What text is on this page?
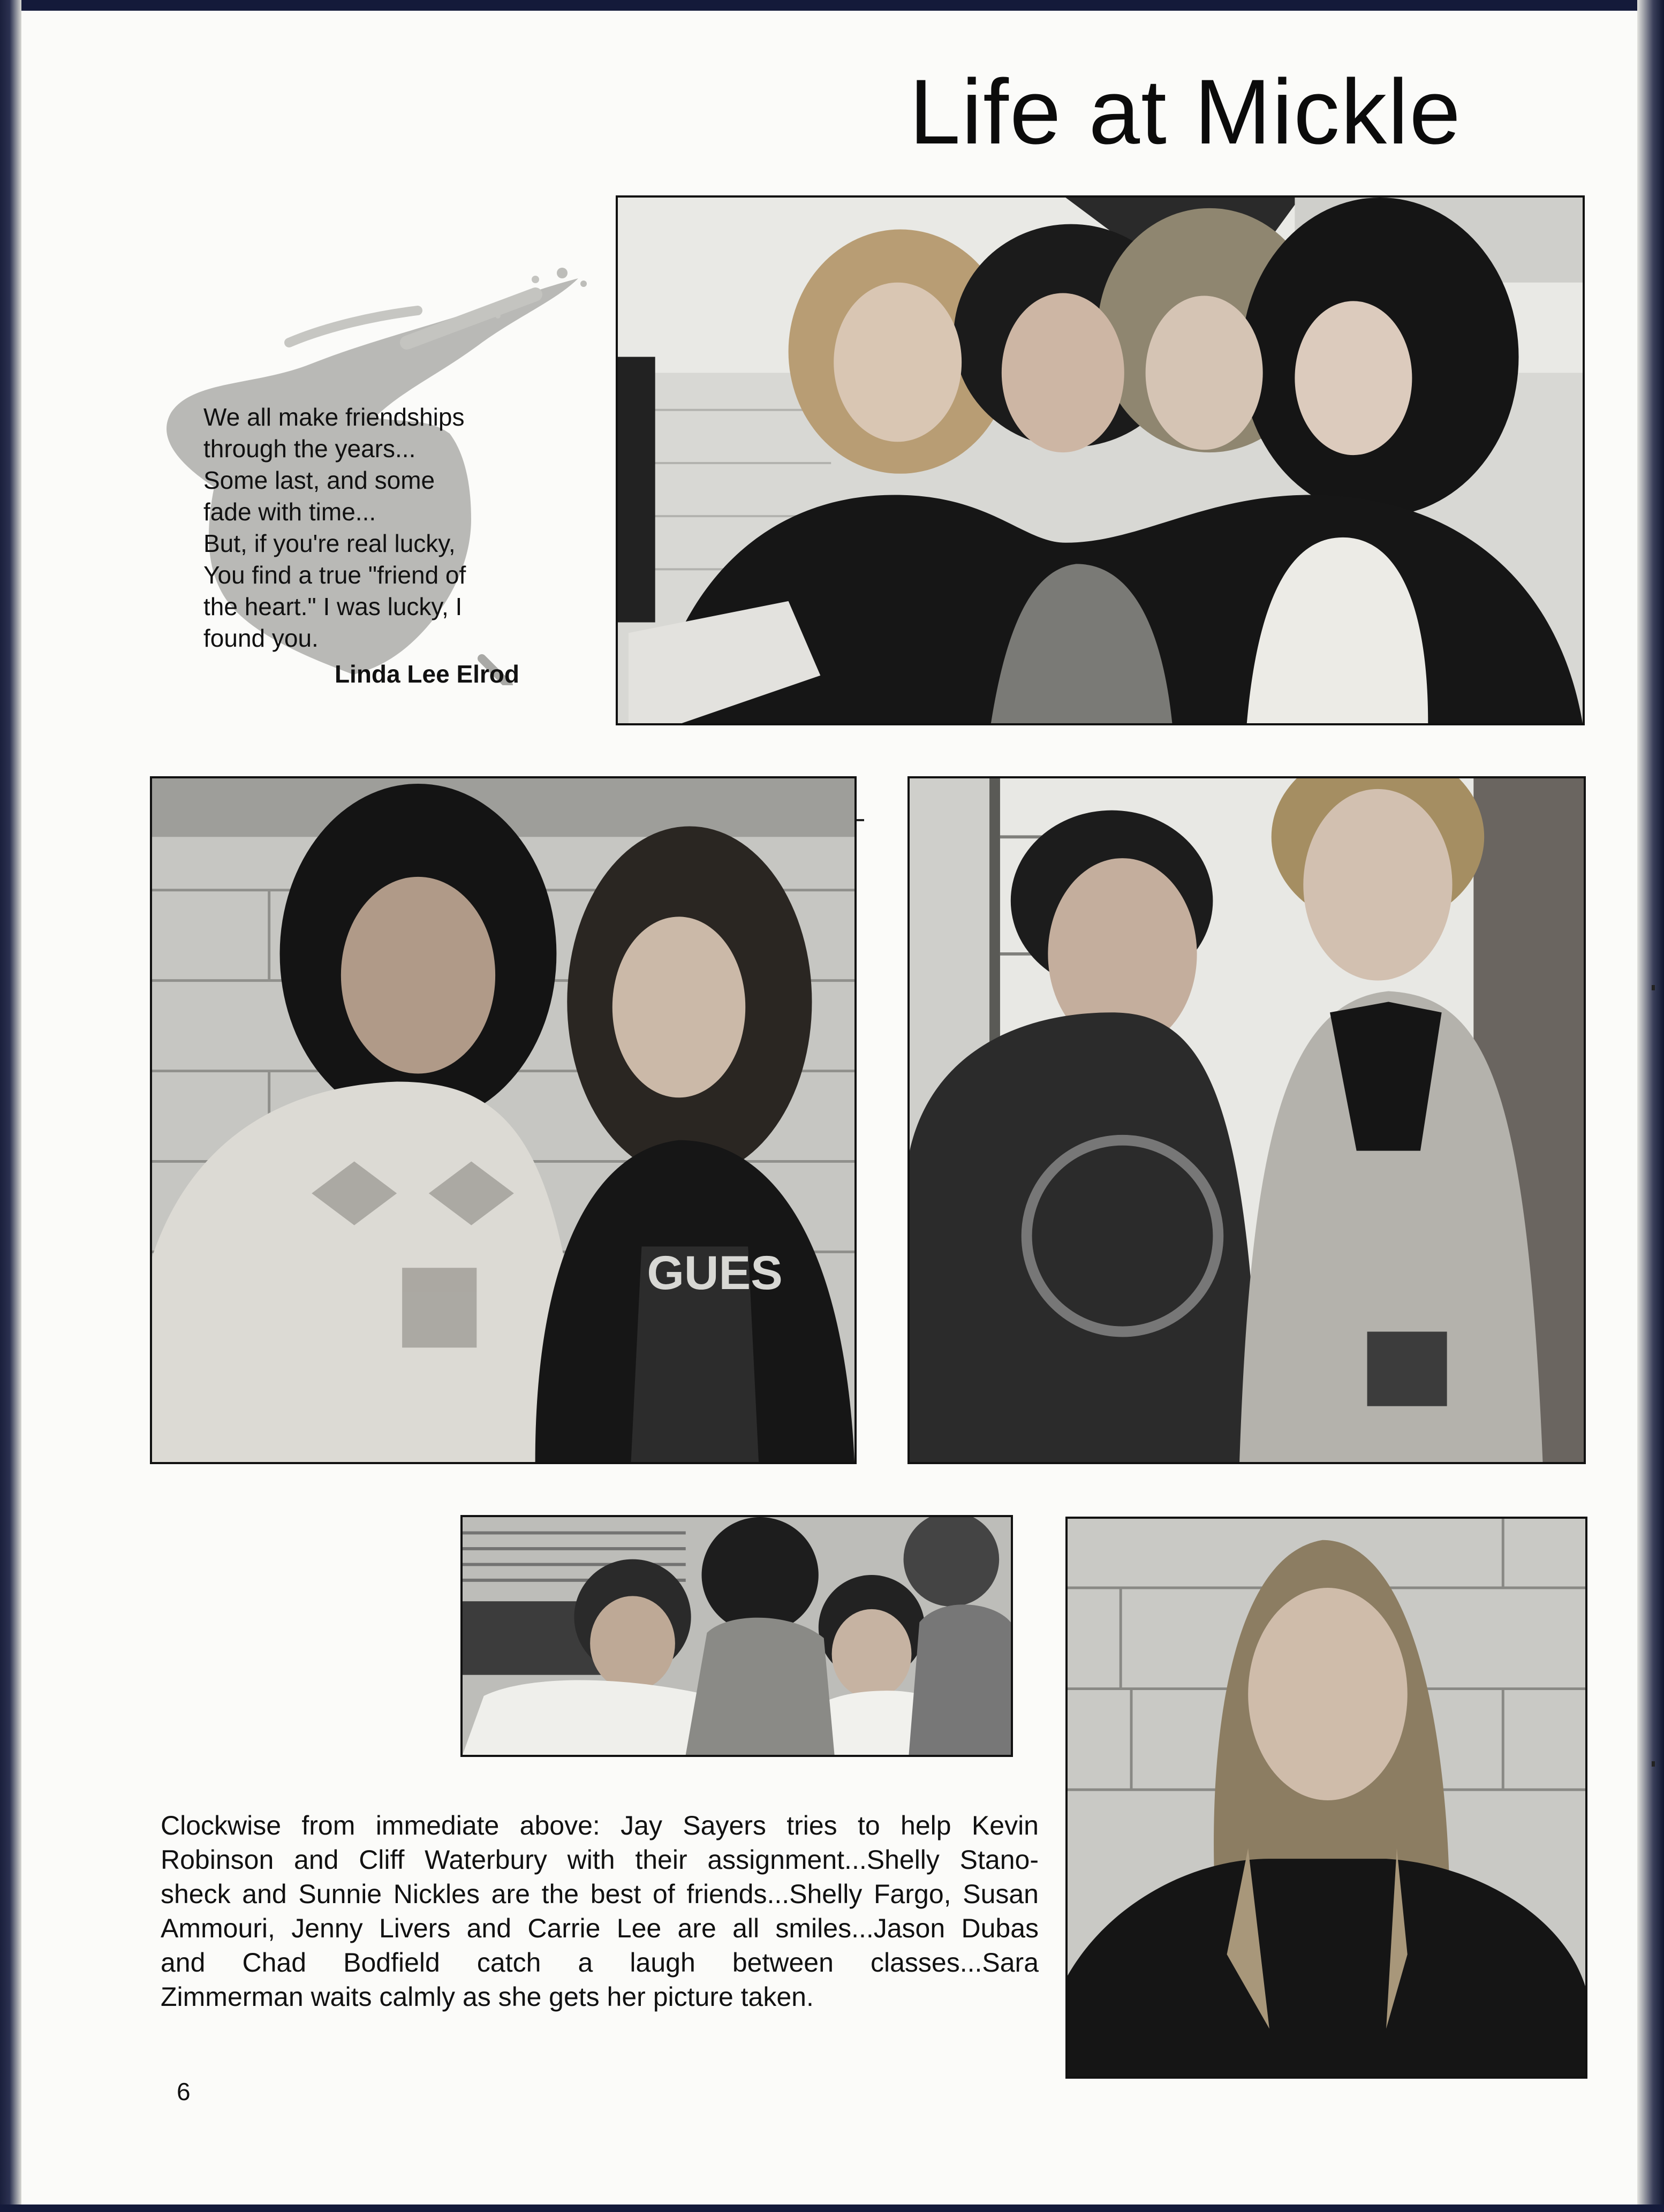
Life at Mickle
We all make friendships
through the years...
Some last, and some
fade with time...
But, if you're real lucky,
You find a true "friend of
the heart." I was lucky, I
found you.
Linda Lee Elrod
GUES
Clockwise from immediate above: Jay Sayers tries to help Kevin
Robinson and Cliff Waterbury with their assignment...Shelly Stano-
sheck and Sunnie Nickles are the best of friends...Shelly Fargo, Susan
Ammouri, Jenny Livers and Carrie Lee are all smiles...Jason Dubas
and Chad Bodfield catch a laugh between classes...Sara
Zimmerman waits calmly as she gets her picture taken.
6
